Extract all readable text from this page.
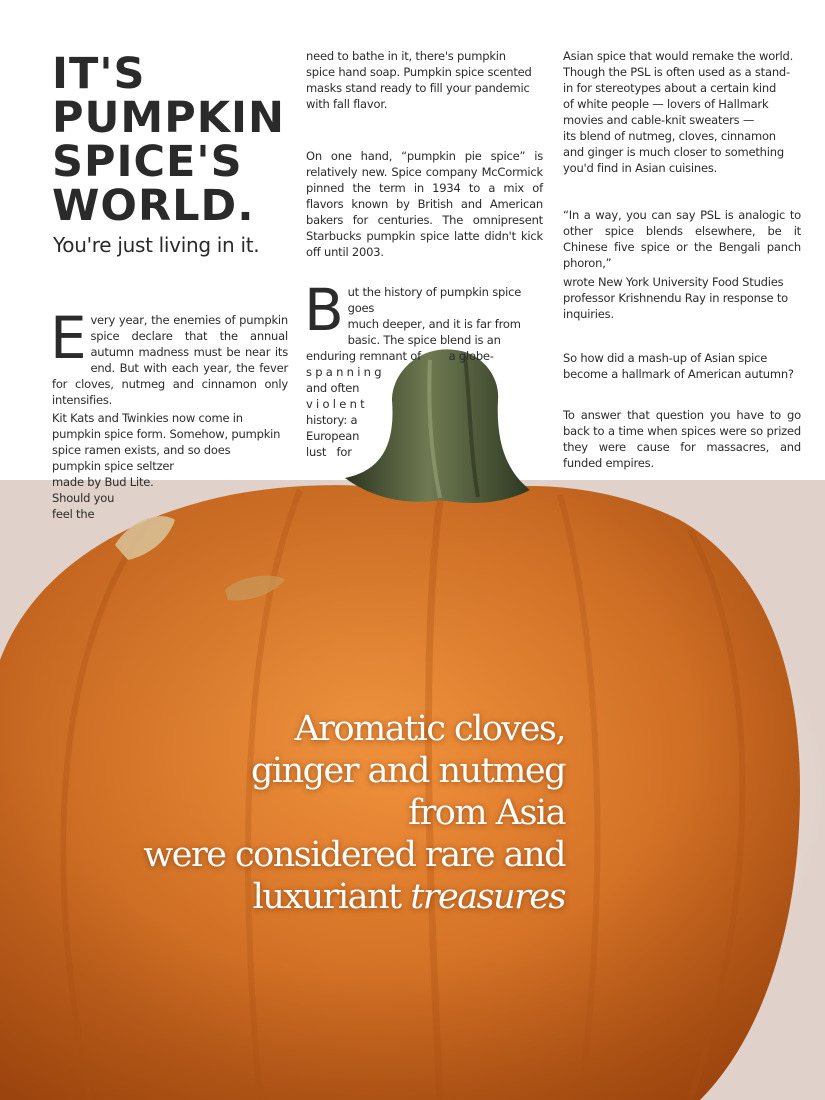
IT'S
PUMPKIN
SPICE'S
WORLD.
You're just living in it.
E very year, the enemies of pumpkin spice declare that the annual autumn madness must be near its end. But with each year, the fever for cloves, nutmeg and cinnamon only intensifies.
Kit Kats and Twinkies now come in
pumpkin spice form. Somehow, pumpkin
spice ramen exists, and so does
pumpkin spice seltzer
made by Bud Lite.
Should you
feel the
need to bathe in it, there's pumpkin
spice hand soap. Pumpkin spice scented
masks stand ready to fill your pandemic
with fall flavor.
On one hand, “pumpkin pie spice” is relatively new. Spice company McCormick pinned the term in 1934 to a mix of flavors known by British and American bakers for centuries. The omnipresent Starbucks pumpkin spice latte didn't kick off until 2003.
B ut the history of pumpkin spice goes
much deeper, and it is far from
basic. The spice blend is an
enduring remnant of        a globe-
s p a n n i n g
and often
v i o l e n t
history: a
European
lust   for
Asian spice that would remake the world.
Though the PSL is often used as a stand-
in for stereotypes about a certain kind
of white people — lovers of Hallmark
movies and cable-knit sweaters —
its blend of nutmeg, cloves, cinnamon
and ginger is much closer to something
you'd find in Asian cuisines.
“In a way, you can say PSL is analogic to other spice blends elsewhere, be it Chinese five spice or the Bengali panch phoron,”
wrote New York University Food Studies professor Krishnendu Ray in response to inquiries.
So how did a mash-up of Asian spice become a hallmark of American autumn?
To answer that question you have to go back to a time when spices were so prized they were cause for massacres, and funded empires.
Aromatic cloves,
ginger and nutmeg
from Asia
were considered rare and
luxuriant treasures
